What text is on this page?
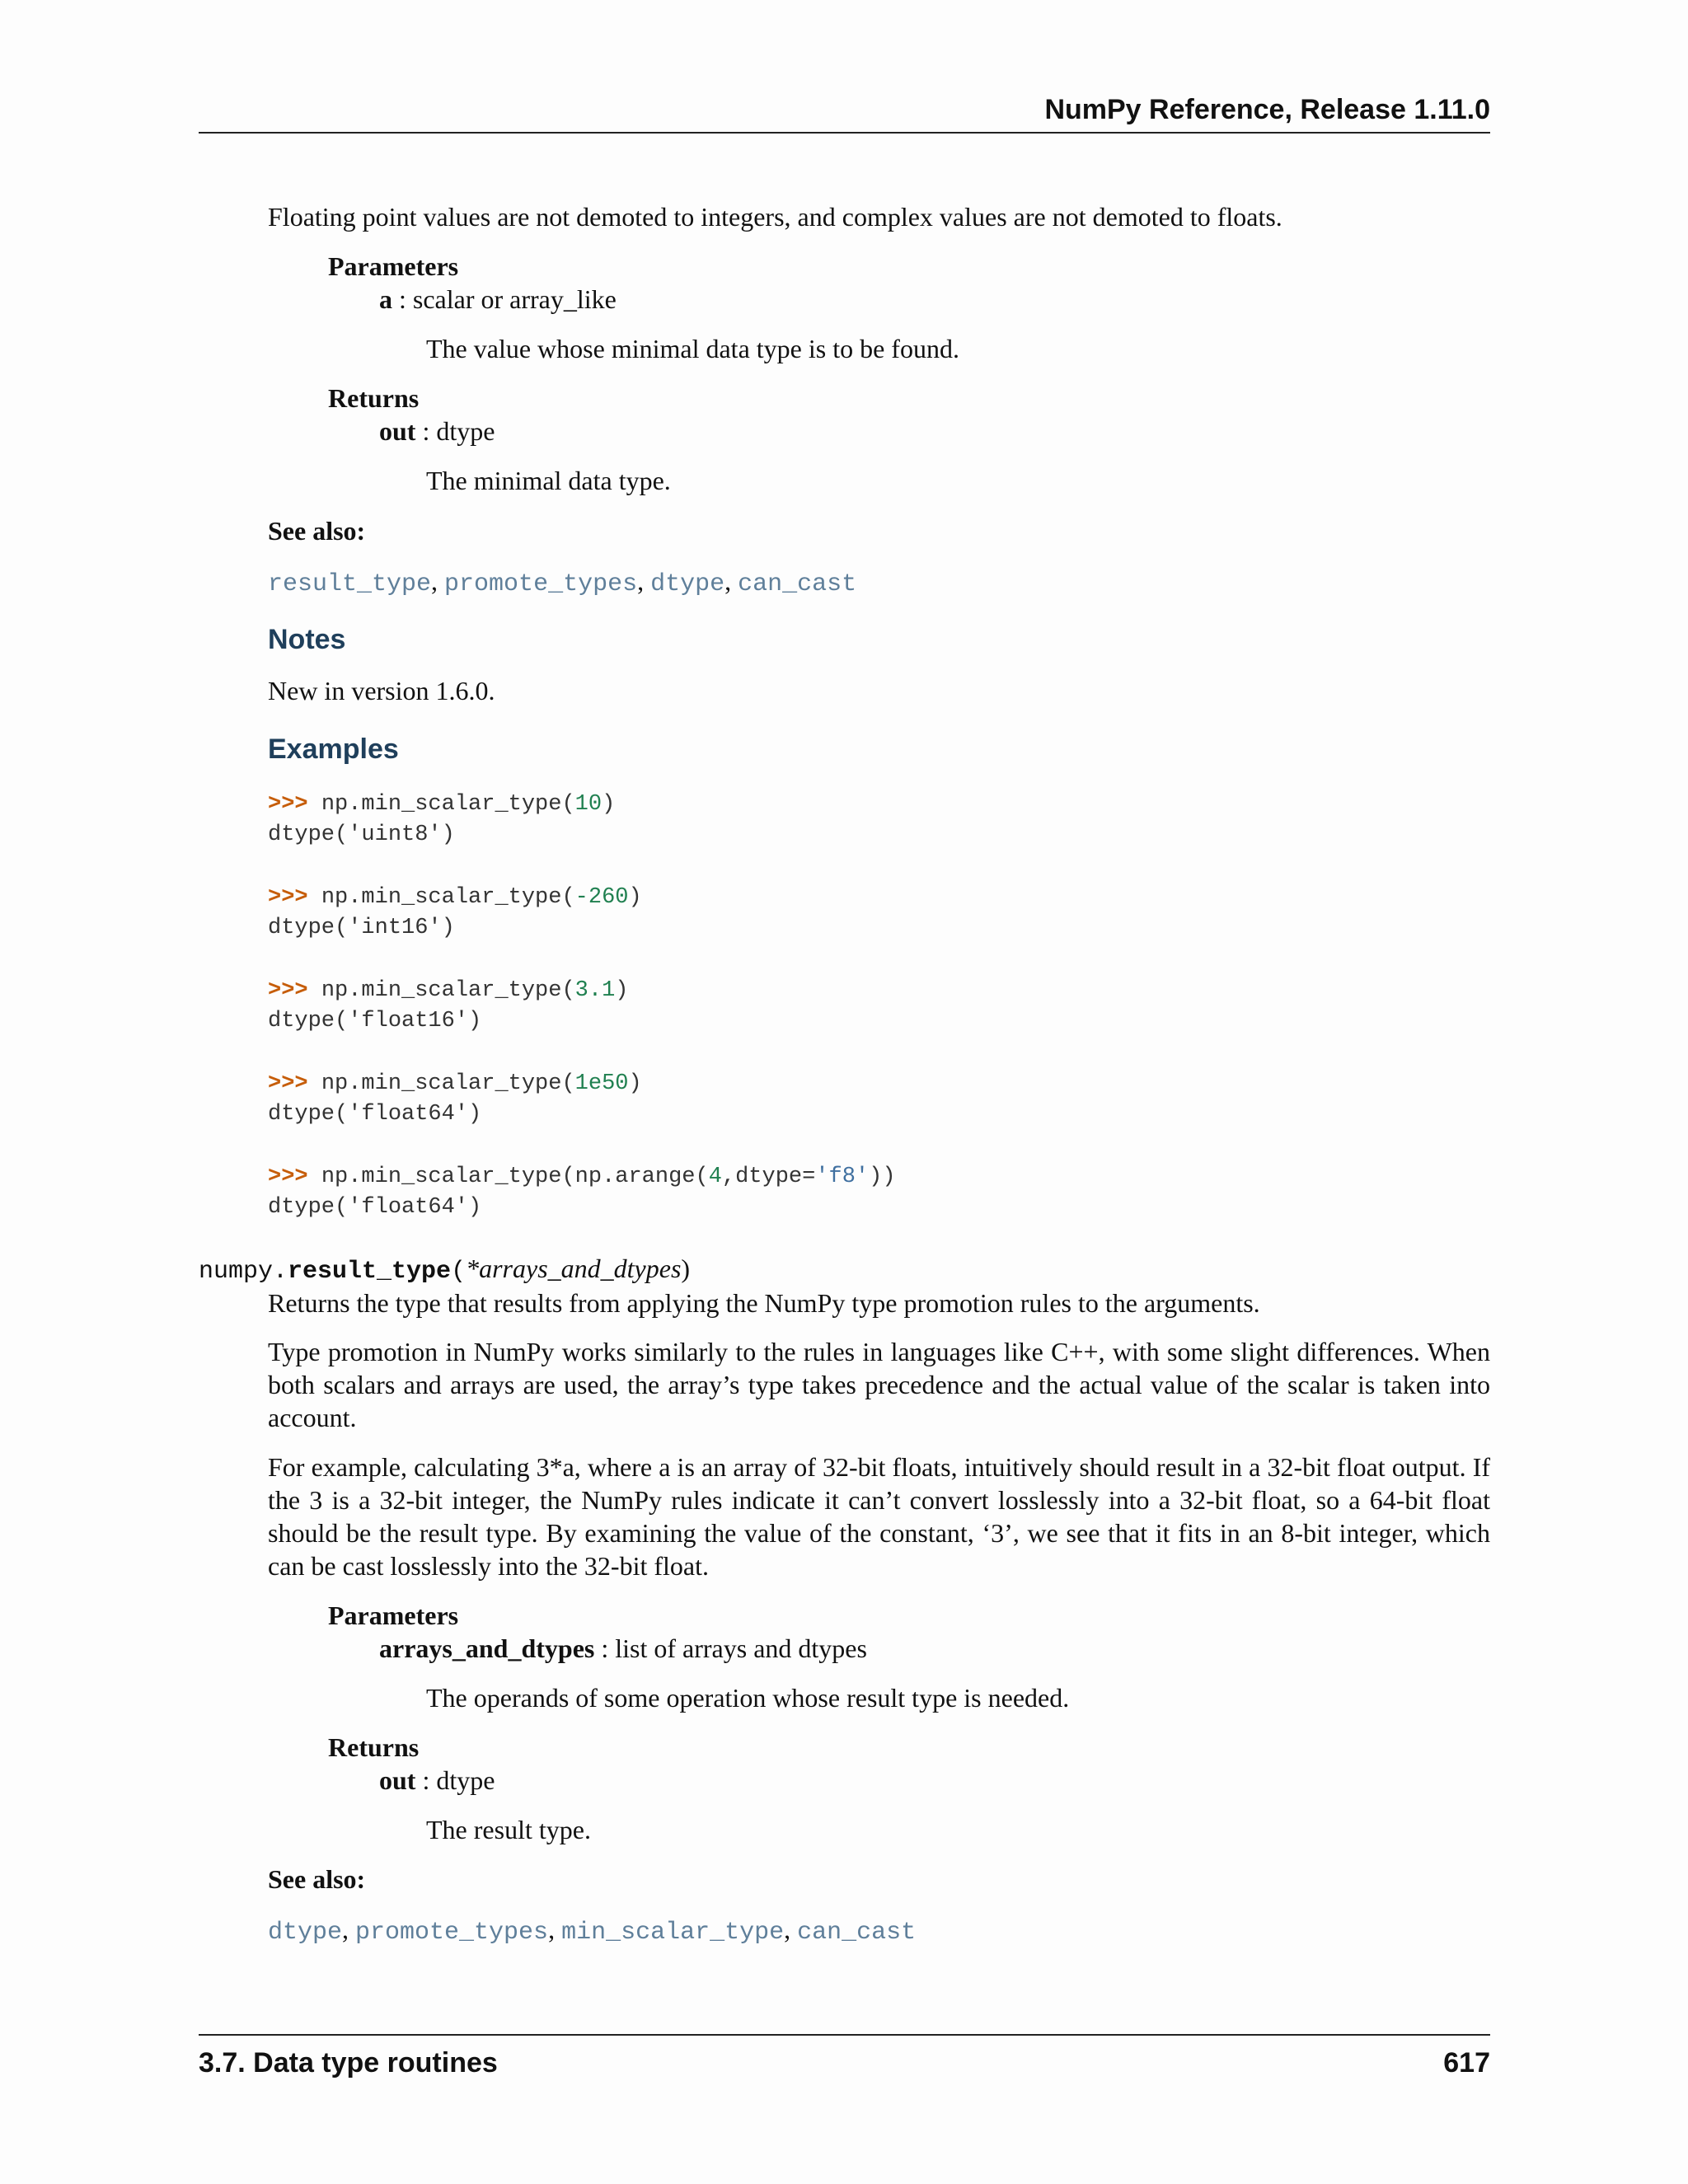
NumPy Reference, Release 1.11.0
Floating point values are not demoted to integers, and complex values are not demoted to floats.
Parameters
a : scalar or array_like
The value whose minimal data type is to be found.
Returns
out : dtype
The minimal data type.
See also:
result_type, promote_types, dtype, can_cast
Notes
New in version 1.6.0.
Examples
>>> np.min_scalar_type(10)
dtype('uint8')
>>> np.min_scalar_type(-260)
dtype('int16')
>>> np.min_scalar_type(3.1)
dtype('float16')
>>> np.min_scalar_type(1e50)
dtype('float64')
>>> np.min_scalar_type(np.arange(4,dtype='f8'))
dtype('float64')
numpy.result_type(*arrays_and_dtypes)
Returns the type that results from applying the NumPy type promotion rules to the arguments.
Type promotion in NumPy works similarly to the rules in languages like C++, with some slight differences. When both scalars and arrays are used, the array’s type takes precedence and the actual value of the scalar is taken into account.
For example, calculating 3*a, where a is an array of 32-bit floats, intuitively should result in a 32-bit float output. If the 3 is a 32-bit integer, the NumPy rules indicate it can’t convert losslessly into a 32-bit float, so a 64-bit float should be the result type. By examining the value of the constant, ‘3’, we see that it fits in an 8-bit integer, which can be cast losslessly into the 32-bit float.
Parameters
arrays_and_dtypes : list of arrays and dtypes
The operands of some operation whose result type is needed.
Returns
out : dtype
The result type.
See also:
dtype, promote_types, min_scalar_type, can_cast
3.7. Data type routines	617
